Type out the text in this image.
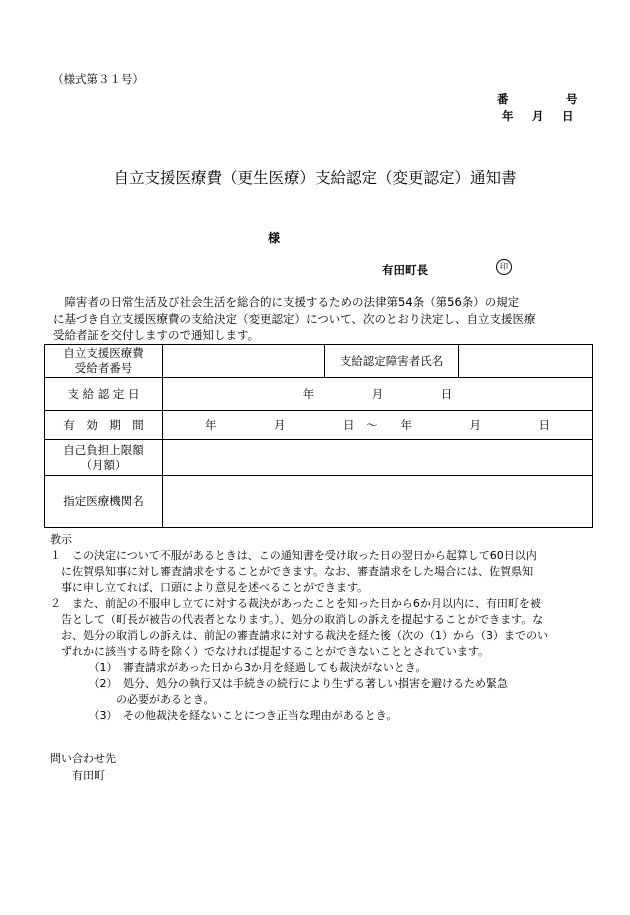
（様式第３１号）
番	号
年 月 日
自立支援医療費（更生医療）支給認定（変更認定）通知書
様
有田町長	印

　障害者の日常生活及び社会生活を総合的に支援するための法律第54条（第56条）の規定

に基づき自立支援医療費の支給決定（変更認定）について、次のとおり決定し、自立支援医療

受給者証を交付しますので通知します。

自立支援医療費
受給者番号		支給認定障害者氏名	
支 給 認 定 日	年　　　　　月　　　　　日		
有　効　期　間	年　　　　　月　　　　　日　～　　年　　　　　月　　　　　日		

自己負担上限額
（月額）			

指定医療機関名			
教示
１　この決定について不服があるときは、この通知書を受け取った日の翌日から起算して60日以内
　に佐賀県知事に対し審査請求をすることができます。なお、審査請求をした場合には、佐賀県知
　事に申し立てれば、口頭により意見を述べることができます。
２　また、前記の不服申し立てに対する裁決があったことを知った日から6か月以内に、有田町を被
　告として（町長が被告の代表者となります。）、処分の取消しの訴えを提起することができます。な
　お、処分の取消しの訴えは、前記の審査請求に対する裁決を経た後（次の（1）から（3）までのい
　ずれかに該当する時を除く）でなければ提起することができないこととされています。
　　　　（1）　審査請求があった日から3か月を経過しても裁決がないとき。
　　　　（2）　処分、処分の執行又は手続きの続行により生ずる著しい損害を避けるため緊急
　　　　　　の必要があるとき。
　　　　（3）　その他裁決を経ないことにつき正当な理由があるとき。
問い合わせ先
　　有田町
